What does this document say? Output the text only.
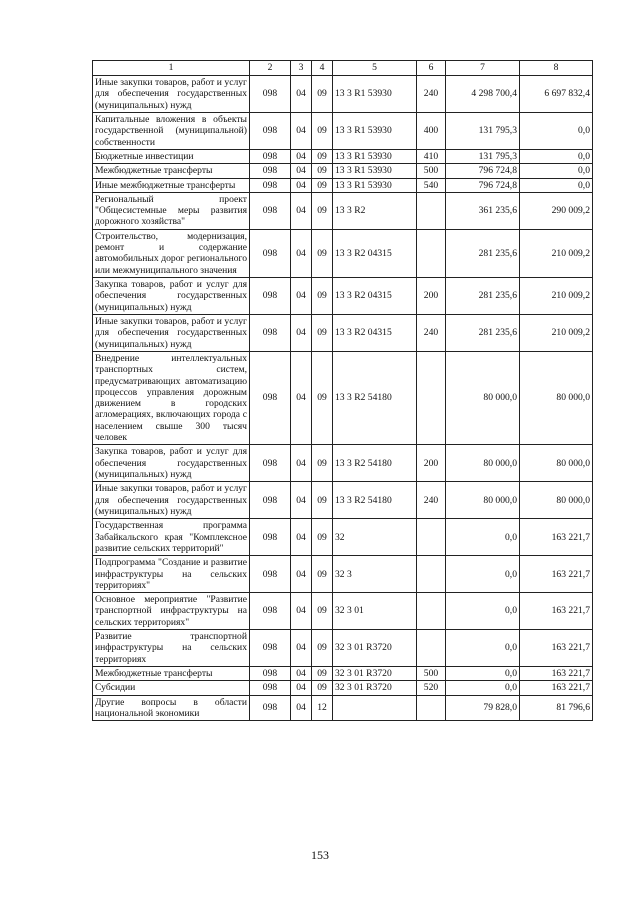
1	2	3	4	5	6	7	8
Иные закупки товаров, работ и услуг для обеспечения государственных (муниципальных) нужд	098	04	09	13 3 R1 53930	240	4 298 700,4	6 697 832,4
Капитальные вложения в объекты государственной (муниципальной) собственности	098	04	09	13 3 R1 53930	400	131 795,3	0,0
Бюджетные инвестиции	098	04	09	13 3 R1 53930	410	131 795,3	0,0
Межбюджетные трансферты	098	04	09	13 3 R1 53930	500	796 724,8	0,0
Иные межбюджетные трансферты	098	04	09	13 3 R1 53930	540	796 724,8	0,0
Региональный проект "Общесистемные меры развития дорожного хозяйства"	098	04	09	13 3 R2		361 235,6	290 009,2
Строительство, модернизация, ремонт и содержание автомобильных дорог регионального или межмуниципального значения	098	04	09	13 3 R2 04315		281 235,6	210 009,2
Закупка товаров, работ и услуг для обеспечения государственных (муниципальных) нужд	098	04	09	13 3 R2 04315	200	281 235,6	210 009,2
Иные закупки товаров, работ и услуг для обеспечения государственных (муниципальных) нужд	098	04	09	13 3 R2 04315	240	281 235,6	210 009,2
Внедрение интеллектуальных транспортных систем, предусматривающих автоматизацию процессов управления дорожным движением в городских агломерациях, включающих города с населением свыше 300 тысяч человек	098	04	09	13 3 R2 54180		80 000,0	80 000,0
Закупка товаров, работ и услуг для обеспечения государственных (муниципальных) нужд	098	04	09	13 3 R2 54180	200	80 000,0	80 000,0
Иные закупки товаров, работ и услуг для обеспечения государственных (муниципальных) нужд	098	04	09	13 3 R2 54180	240	80 000,0	80 000,0
Государственная программа Забайкальского края "Комплексное развитие сельских территорий"	098	04	09	32		0,0	163 221,7
Подпрограмма "Создание и развитие инфраструктуры на сельских территориях"	098	04	09	32 3		0,0	163 221,7
Основное мероприятие "Развитие транспортной инфраструктуры на сельских территориях"	098	04	09	32 3 01		0,0	163 221,7
Развитие транспортной инфраструктуры на сельских территориях	098	04	09	32 3 01 R3720		0,0	163 221,7
Межбюджетные трансферты	098	04	09	32 3 01 R3720	500	0,0	163 221,7
Субсидии	098	04	09	32 3 01 R3720	520	0,0	163 221,7
Другие вопросы в области национальной экономики	098	04	12			79 828,0	81 796,6
153
